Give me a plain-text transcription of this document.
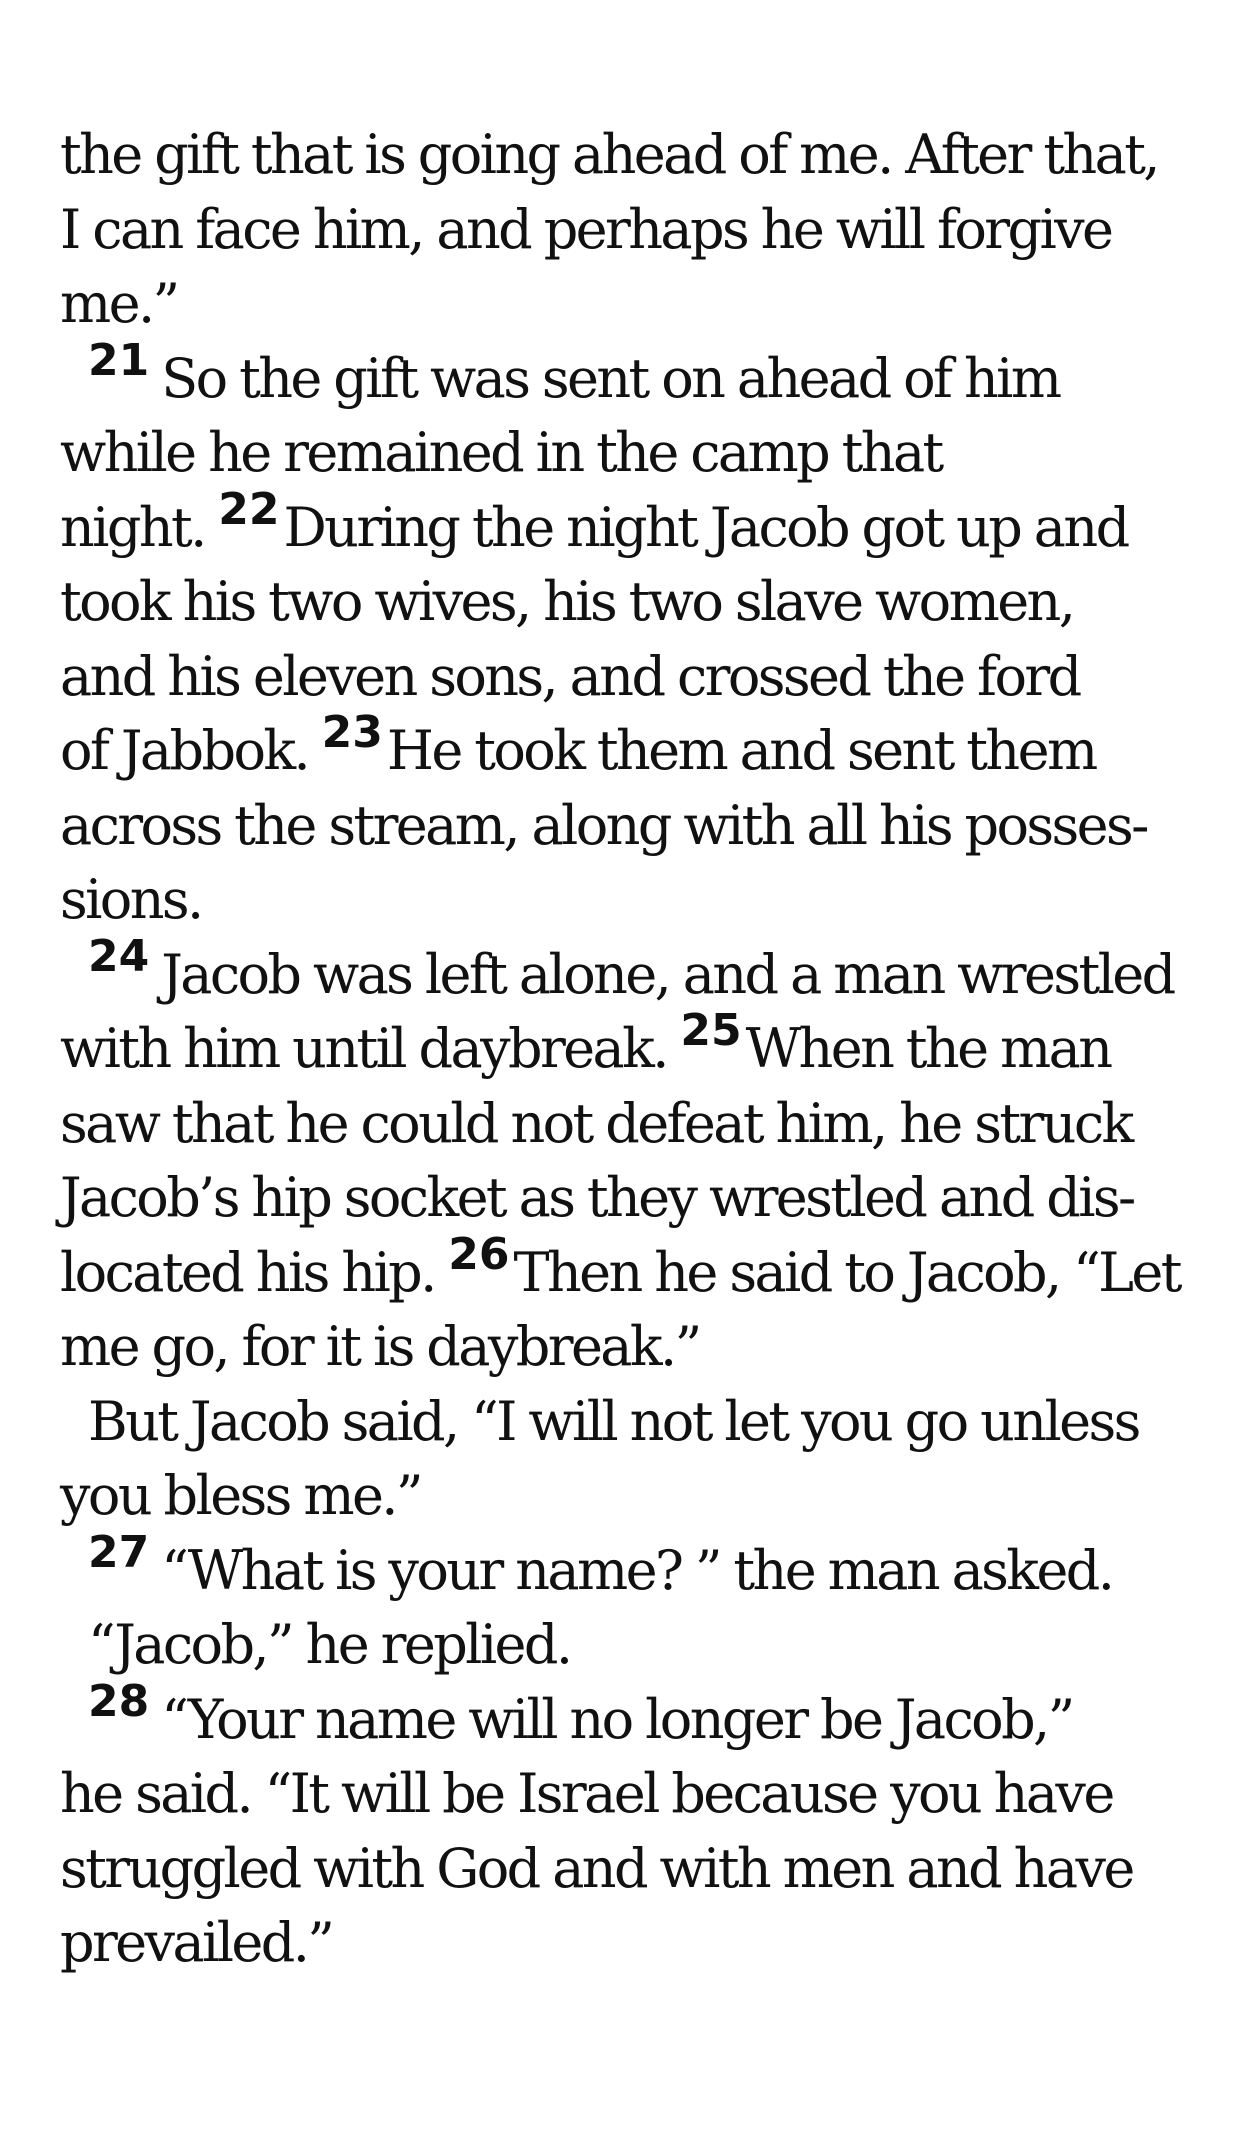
the gift that is going ahead of me. After that,
I can face him, and perhaps he will forgive
me.”
$^{21}$ So the gift was sent on ahead of him
while he remained in the camp that
night. $^{22}$During the night Jacob got up and
took his two wives, his two slave women,
and his eleven sons, and crossed the ford
of Jabbok. $^{23}$He took them and sent them
across the stream, along with all his posses-
sions.
$^{24}$ Jacob was left alone, and a man wrestled
with him until daybreak. $^{25}$When the man
saw that he could not defeat him, he struck
Jacob’s hip socket as they wrestled and dis-
located his hip. $^{26}$Then he said to Jacob, “Let
me go, for it is daybreak.”
But Jacob said, “I will not let you go unless
you bless me.”
$^{27}$ “What is your name? ” the man asked.
“Jacob,” he replied.
$^{28}$ “Your name will no longer be Jacob,”
he said. “It will be Israel because you have
struggled with God and with men and have
prevailed.”
